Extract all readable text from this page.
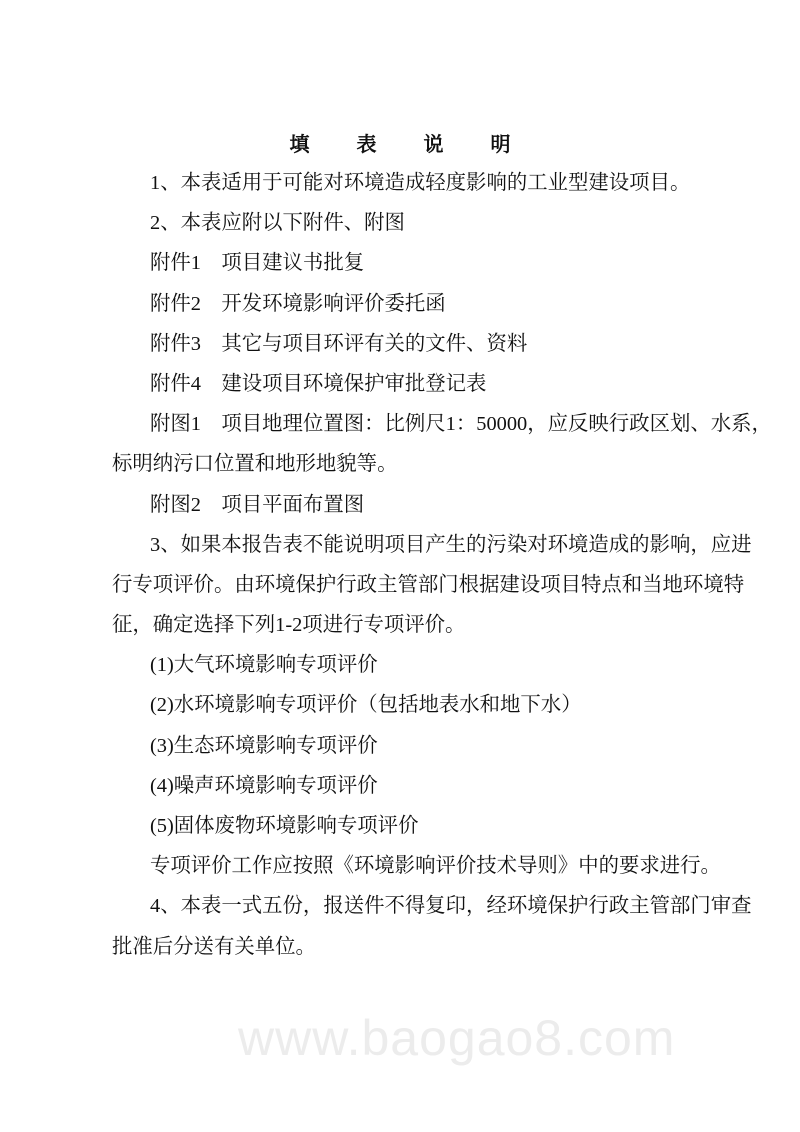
填 表 说 明
1、本表适用于可能对环境造成轻度影响的工业型建设项目。
2、本表应附以下附件、附图
附件1　项目建议书批复
附件2　开发环境影响评价委托函
附件3　其它与项目环评有关的文件、资料
附件4　建设项目环境保护审批登记表
附图1　项目地理位置图：比例尺1：50000，应反映行政区划、水系，
标明纳污口位置和地形地貌等。
附图2　项目平面布置图
3、如果本报告表不能说明项目产生的污染对环境造成的影响，应进
行专项评价。由环境保护行政主管部门根据建设项目特点和当地环境特
征，确定选择下列1-2项进行专项评价。
(1)大气环境影响专项评价
(2)水环境影响专项评价（包括地表水和地下水）
(3)生态环境影响专项评价
(4)噪声环境影响专项评价
(5)固体废物环境影响专项评价
专项评价工作应按照《环境影响评价技术导则》中的要求进行。
4、本表一式五份，报送件不得复印，经环境保护行政主管部门审查
批准后分送有关单位。
www.baogao8.com
